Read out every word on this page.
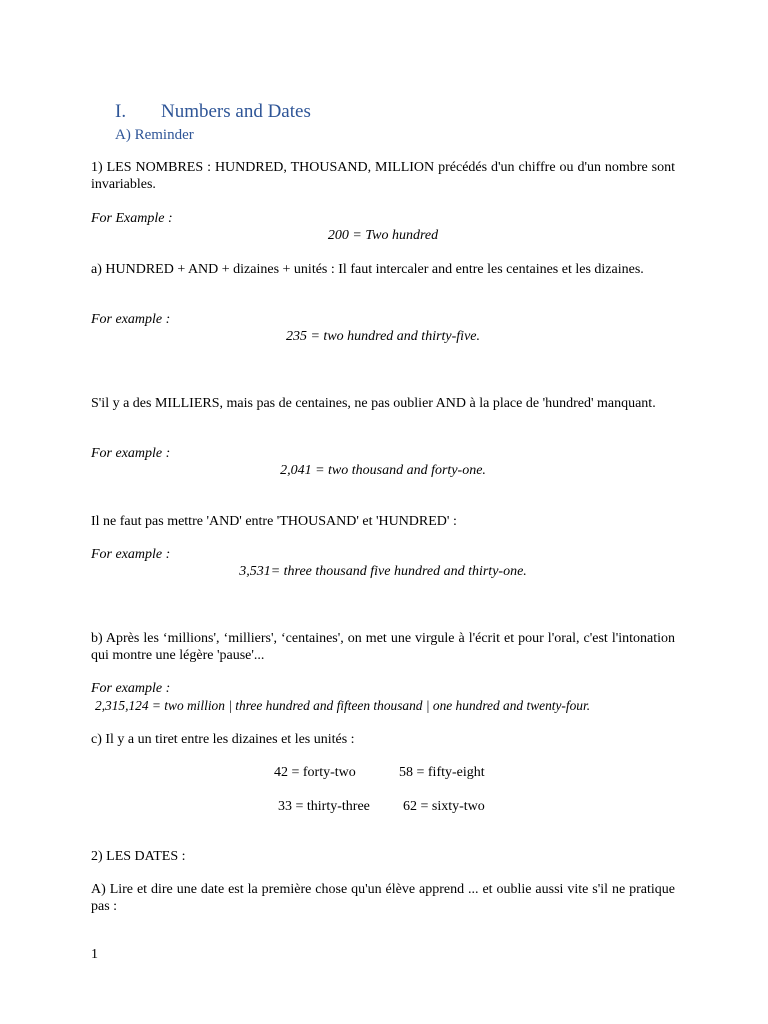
I. Numbers and Dates
A) Reminder
1) LES NOMBRES : HUNDRED, THOUSAND, MILLION précédés d'un chiffre ou d'un nombre sont invariables.
For Example :
200 = Two hundred
a) HUNDRED + AND + dizaines + unités : Il faut intercaler and entre les centaines et les dizaines.
For example :
235 = two hundred and thirty-five.
S'il y a des MILLIERS, mais pas de centaines, ne pas oublier AND à la place de 'hundred' manquant.
For example :
2,041 = two thousand and forty-one.
Il ne faut pas mettre 'AND' entre 'THOUSAND' et 'HUNDRED' :
For example :
3,531= three thousand five hundred and thirty-one.
b) Après les ‘millions', ‘milliers', ‘centaines', on met une virgule à l'écrit et pour l'oral, c'est l'intonation qui montre une légère 'pause'...
For example :
2,315,124 = two million | three hundred and fifteen thousand | one hundred and twenty-four.
c) Il y a un tiret entre les dizaines et les unités :
42 = forty-two	58 = fifty-eight
33 = thirty-three 62 = sixty-two
2) LES DATES :
A) Lire et dire une date est la première chose qu'un élève apprend ... et oublie aussi vite s'il ne pratique pas :
1
